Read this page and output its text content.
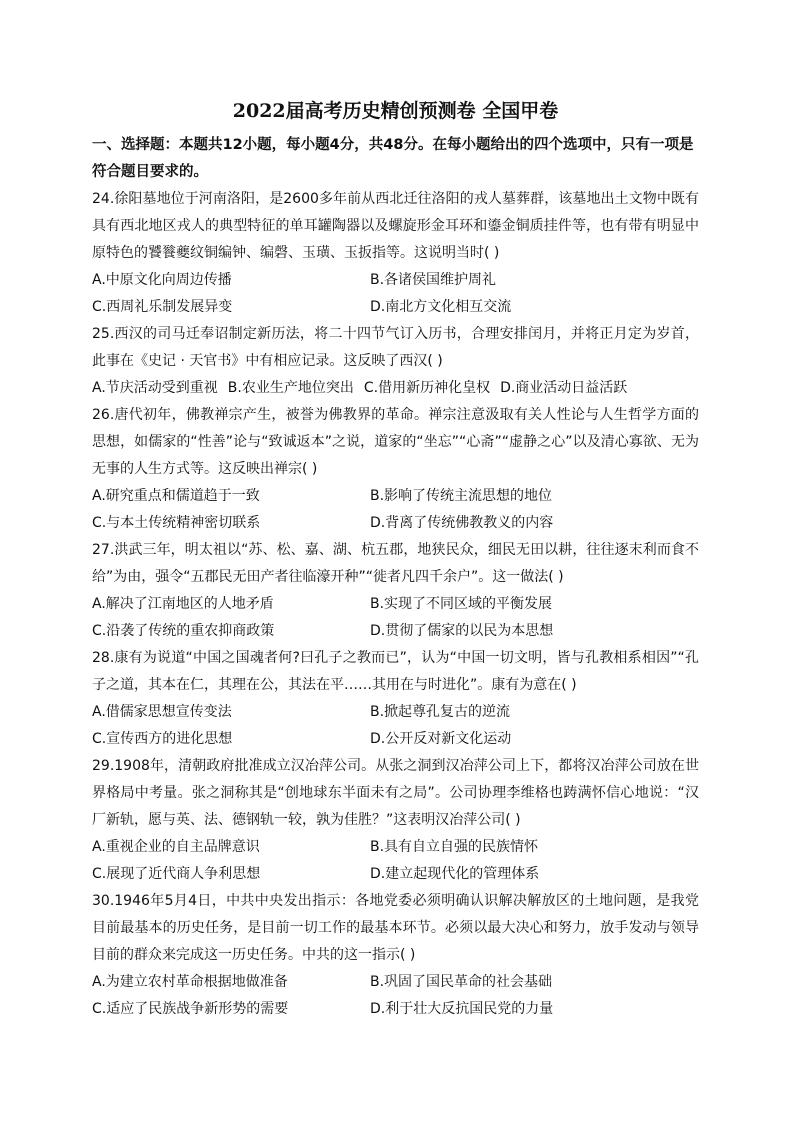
2022届高考历史精创预测卷 全国甲卷

一、选择题：本题共12小题，每小题4分，共48分。在每小题给出的四个选项中，只有一项是符合题目要求的。

24.徐阳墓地位于河南洛阳，是2600多年前从西北迁往洛阳的戎人墓葬群，该墓地出土文物中既有具有西北地区戎人的典型特征的单耳罐陶器以及螺旋形金耳环和鎏金铜质挂件等，也有带有明显中原特色的饕餮夔纹铜编钟、编磬、玉璜、玉扳指等。这说明当时( )

A.中原文化向周边传播	B.各诸侯国维护周礼
C.西周礼乐制发展异变	D.南北方文化相互交流

25.西汉的司马迁奉诏制定新历法，将二十四节气订入历书，合理安排闰月，并将正月定为岁首，此事在《史记 · 天官书》中有相应记录。这反映了西汉( )

A.节庆活动受到重视 B.农业生产地位突出 C.借用新历神化皇权 D.商业活动日益活跃

26.唐代初年，佛教禅宗产生，被誉为佛教界的革命。禅宗注意汲取有关人性论与人生哲学方面的思想，如儒家的“性善”论与“致诚返本”之说，道家的“坐忘”“心斋”“虚静之心”以及清心寡欲、无为无事的人生方式等。这反映出禅宗( )

A.研究重点和儒道趋于一致	B.影响了传统主流思想的地位
C.与本土传统精神密切联系	D.背离了传统佛教教义的内容

27.洪武三年，明太祖以“苏、松、嘉、湖、杭五郡，地狭民众，细民无田以耕，往往逐末利而食不给”为由，强令“五郡民无田产者往临濠开种”“徙者凡四千余户”。这一做法( )

A.解决了江南地区的人地矛盾	B.实现了不同区域的平衡发展
C.沿袭了传统的重农抑商政策	D.贯彻了儒家的以民为本思想

28.康有为说道“中国之国魂者何?曰孔子之教而已”，认为“中国一切文明，皆与孔教相系相因”“孔子之道，其本在仁，其理在公，其法在平……其用在与时进化”。康有为意在( )

A.借儒家思想宣传变法	B.掀起尊孔复古的逆流
C.宣传西方的进化思想	D.公开反对新文化运动

29.1908年，清朝政府批准成立汉冶萍公司。从张之洞到汉冶萍公司上下，都将汉冶萍公司放在世界格局中考量。张之洞称其是“创地球东半面未有之局”。公司协理李维格也踌满怀信心地说：“汉厂新轨，愿与英、法、德钢轨一较，孰为佳胜？”这表明汉冶萍公司( )

A.重视企业的自主品牌意识	B.具有自立自强的民族情怀
C.展现了近代商人争利思想	D.建立起现代化的管理体系

30.1946年5月4日，中共中央发出指示：各地党委必须明确认识解决解放区的土地问题，是我党目前最基本的历史任务，是目前一切工作的最基本环节。必须以最大决心和努力，放手发动与领导目前的群众来完成这一历史任务。中共的这一指示( )

A.为建立农村革命根据地做准备	B.巩固了国民革命的社会基础
C.适应了民族战争新形势的需要	D.利于壮大反抗国民党的力量
